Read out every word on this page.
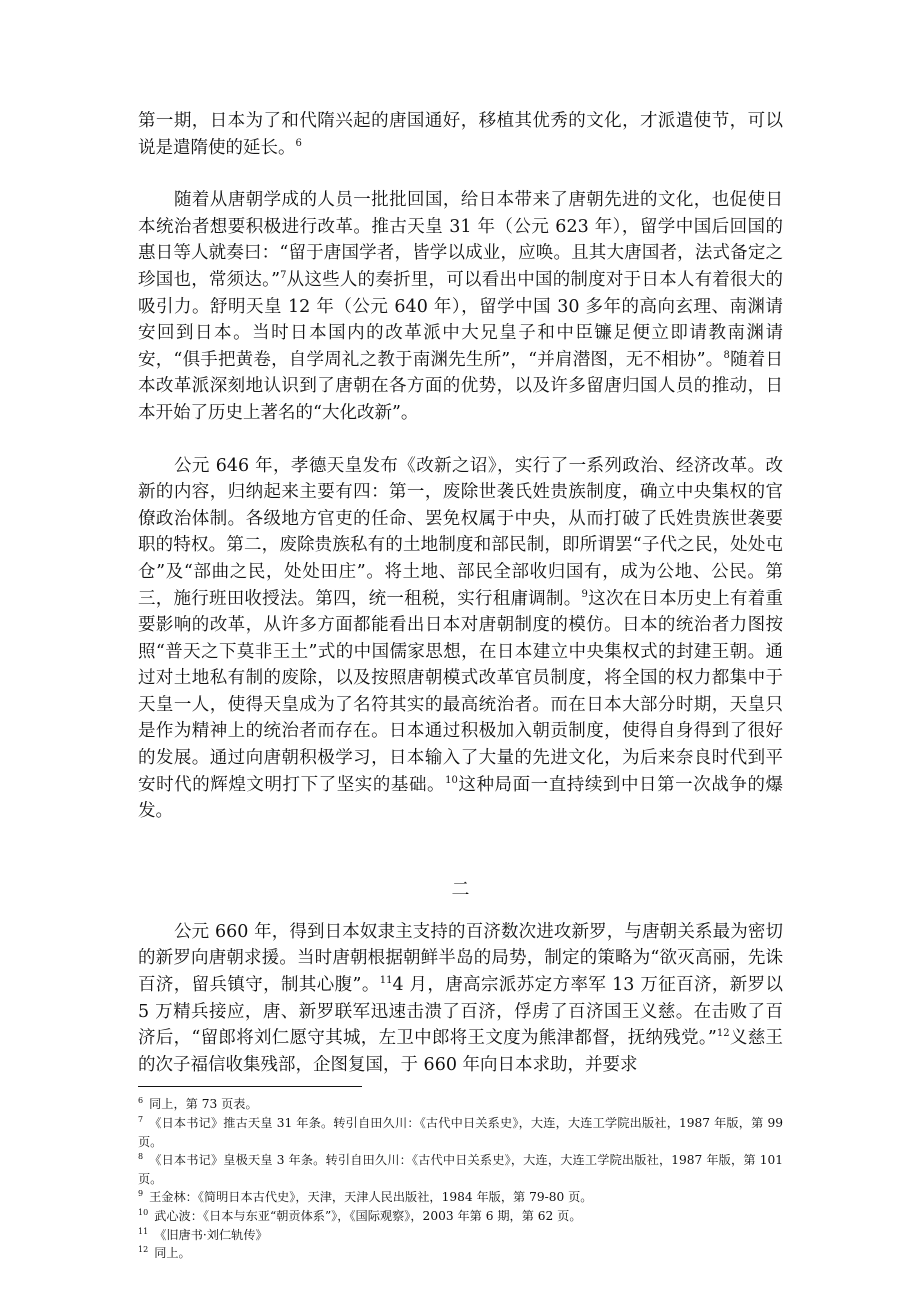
第一期，日本为了和代隋兴起的唐国通好，移植其优秀的文化，才派遣使节，可以说是遣隋使的延长。$^6$

随着从唐朝学成的人员一批批回国，给日本带来了唐朝先进的文化，也促使日本统治者想要积极进行改革。推古天皇 31 年（公元 623 年），留学中国后回国的惠日等人就奏曰：“留于唐国学者，皆学以成业，应唤。且其大唐国者，法式备定之珍国也，常须达。”$^7$从这些人的奏折里，可以看出中国的制度对于日本人有着很大的吸引力。舒明天皇 12 年（公元 640 年），留学中国 30 多年的高向玄理、南渊请安回到日本。当时日本国内的改革派中大兄皇子和中臣镰足便立即请教南渊请安，“俱手把黄卷，自学周礼之教于南渊先生所”，“并肩潜图，无不相协”。$^8$随着日本改革派深刻地认识到了唐朝在各方面的优势，以及许多留唐归国人员的推动，日本开始了历史上著名的“大化改新”。

公元 646 年，孝德天皇发布《改新之诏》，实行了一系列政治、经济改革。改新的内容，归纳起来主要有四：第一，废除世袭氏姓贵族制度，确立中央集权的官僚政治体制。各级地方官吏的任命、罢免权属于中央，从而打破了氏姓贵族世袭要职的特权。第二，废除贵族私有的土地制度和部民制，即所谓罢“子代之民，处处屯仓”及“部曲之民，处处田庄”。将土地、部民全部收归国有，成为公地、公民。第三，施行班田收授法。第四，统一租税，实行租庸调制。$^9$这次在日本历史上有着重要影响的改革，从许多方面都能看出日本对唐朝制度的模仿。日本的统治者力图按照“普天之下莫非王土”式的中国儒家思想，在日本建立中央集权式的封建王朝。通过对土地私有制的废除，以及按照唐朝模式改革官员制度，将全国的权力都集中于天皇一人，使得天皇成为了名符其实的最高统治者。而在日本大部分时期，天皇只是作为精神上的统治者而存在。日本通过积极加入朝贡制度，使得自身得到了很好的发展。通过向唐朝积极学习，日本输入了大量的先进文化，为后来奈良时代到平安时代的辉煌文明打下了坚实的基础。$^{10}$这种局面一直持续到中日第一次战争的爆发。

二

公元 660 年，得到日本奴隶主支持的百济数次进攻新罗，与唐朝关系最为密切的新罗向唐朝求援。当时唐朝根据朝鲜半岛的局势，制定的策略为“欲灭高丽，先诛百济，留兵镇守，制其心腹”。$^{11}$4 月，唐高宗派苏定方率军 13 万征百济，新罗以 5 万精兵接应，唐、新罗联军迅速击溃了百济，俘虏了百济国王义慈。在击败了百济后，“留郎将刘仁愿守其城，左卫中郎将王文度为熊津都督，抚纳残党。”$^{12}$义慈王的次子福信收集残部，企图复国，于 660 年向日本求助，并要求

$^6$ 同上，第 73 页表。

$^7$ 《日本书记》推古天皇 31 年条。转引自田久川：《古代中日关系史》，大连，大连工学院出版社，1987 年版，第 99 页。

$^8$ 《日本书记》皇极天皇 3 年条。转引自田久川：《古代中日关系史》，大连，大连工学院出版社，1987 年版，第 101 页。

$^9$ 王金林：《简明日本古代史》，天津，天津人民出版社，1984 年版，第 79-80 页。

$^{10}$ 武心波：《日本与东亚“朝贡体系”》，《国际观察》，2003 年第 6 期，第 62 页。

$^{11}$ 《旧唐书·刘仁轨传》

$^{12}$ 同上。
